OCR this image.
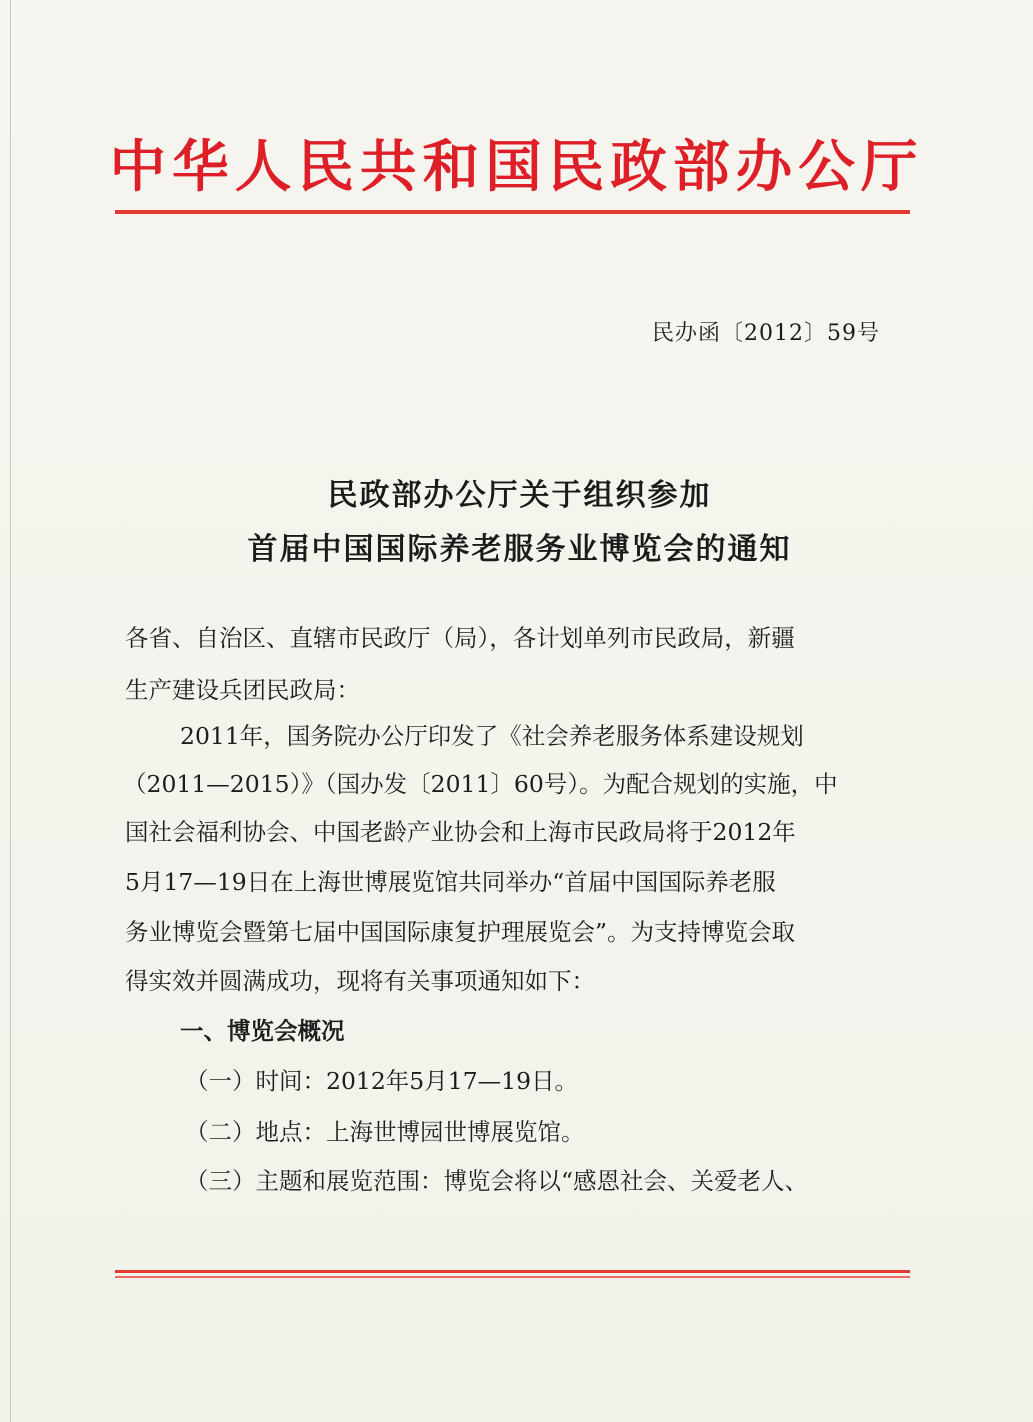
中华人民共和国民政部办公厅
民办函〔2012〕59号
民政部办公厅关于组织参加
首届中国国际养老服务业博览会的通知
各省、自治区、直辖市民政厅（局），各计划单列市民政局，新疆
生产建设兵团民政局：
2011年，国务院办公厅印发了《社会养老服务体系建设规划
（2011—2015）》（国办发〔2011〕60号）。为配合规划的实施，中
国社会福利协会、中国老龄产业协会和上海市民政局将于2012年
5月17—19日在上海世博展览馆共同举办“首届中国国际养老服
务业博览会暨第七届中国国际康复护理展览会”。为支持博览会取
得实效并圆满成功，现将有关事项通知如下：
一、博览会概况
（一）时间：2012年5月17—19日。
（二）地点：上海世博园世博展览馆。
（三）主题和展览范围：博览会将以“感恩社会、关爱老人、
